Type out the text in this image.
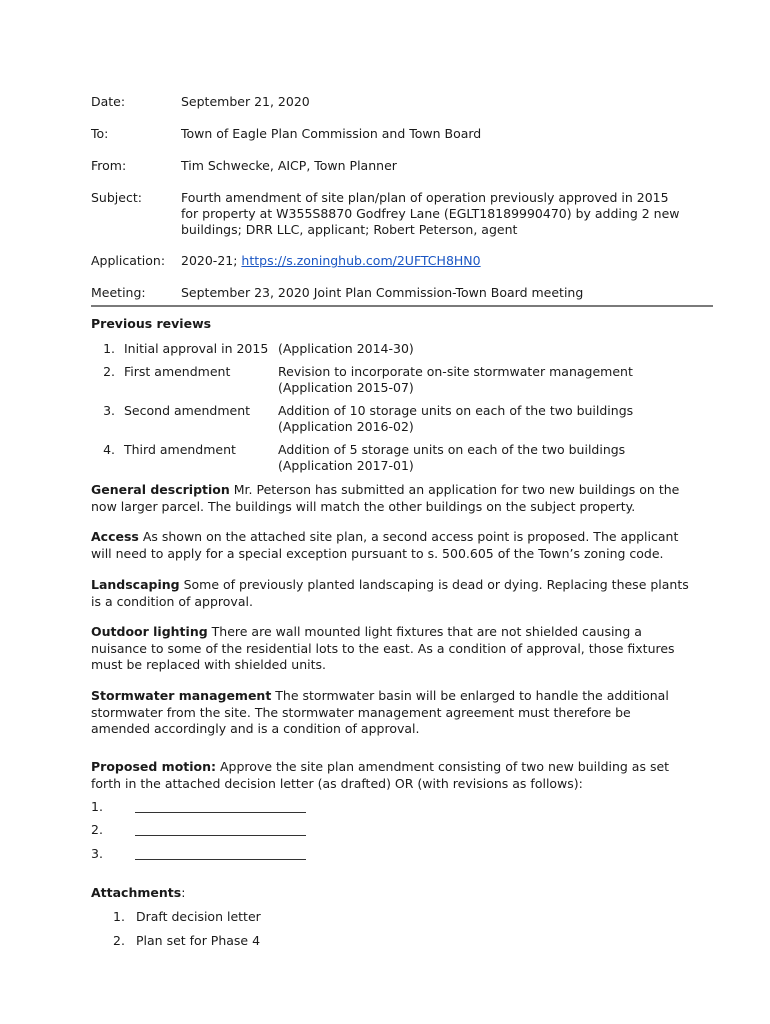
Date:	September 21, 2020
To:	Town of Eagle Plan Commission and Town Board
From:	Tim Schwecke, AICP, Town Planner
Subject:	Fourth amendment of site plan/plan of operation previously approved in 2015 for property at W355S8870 Godfrey Lane (EGLT18189990470) by adding 2 new buildings; DRR LLC, applicant; Robert Peterson, agent
Application: 2020-21; https://s.zoninghub.com/2UFTCH8HN0
Meeting:	September 23, 2020 Joint Plan Commission-Town Board meeting
Previous reviews
1. Initial approval in 2015 (Application 2014-30)
2. First amendment	Revision to incorporate on-site stormwater management (Application 2015-07)
3. Second amendment Addition of 10 storage units on each of the two buildings (Application 2016-02)
4. Third amendment	Addition of 5 storage units on each of the two buildings (Application 2017-01)
General description Mr. Peterson has submitted an application for two new buildings on the now larger parcel. The buildings will match the other buildings on the subject property.
Access As shown on the attached site plan, a second access point is proposed. The applicant will need to apply for a special exception pursuant to s. 500.605 of the Town’s zoning code.
Landscaping Some of previously planted landscaping is dead or dying. Replacing these plants is a condition of approval.
Outdoor lighting There are wall mounted light fixtures that are not shielded causing a nuisance to some of the residential lots to the east. As a condition of approval, those fixtures must be replaced with shielded units.
Stormwater management The stormwater basin will be enlarged to handle the additional stormwater from the site. The stormwater management agreement must therefore be amended accordingly and is a condition of approval.
Proposed motion: Approve the site plan amendment consisting of two new building as set forth in the attached decision letter (as drafted) OR (with revisions as follows):
1.
2.
3.
Attachments:
1. Draft decision letter
2. Plan set for Phase 4
